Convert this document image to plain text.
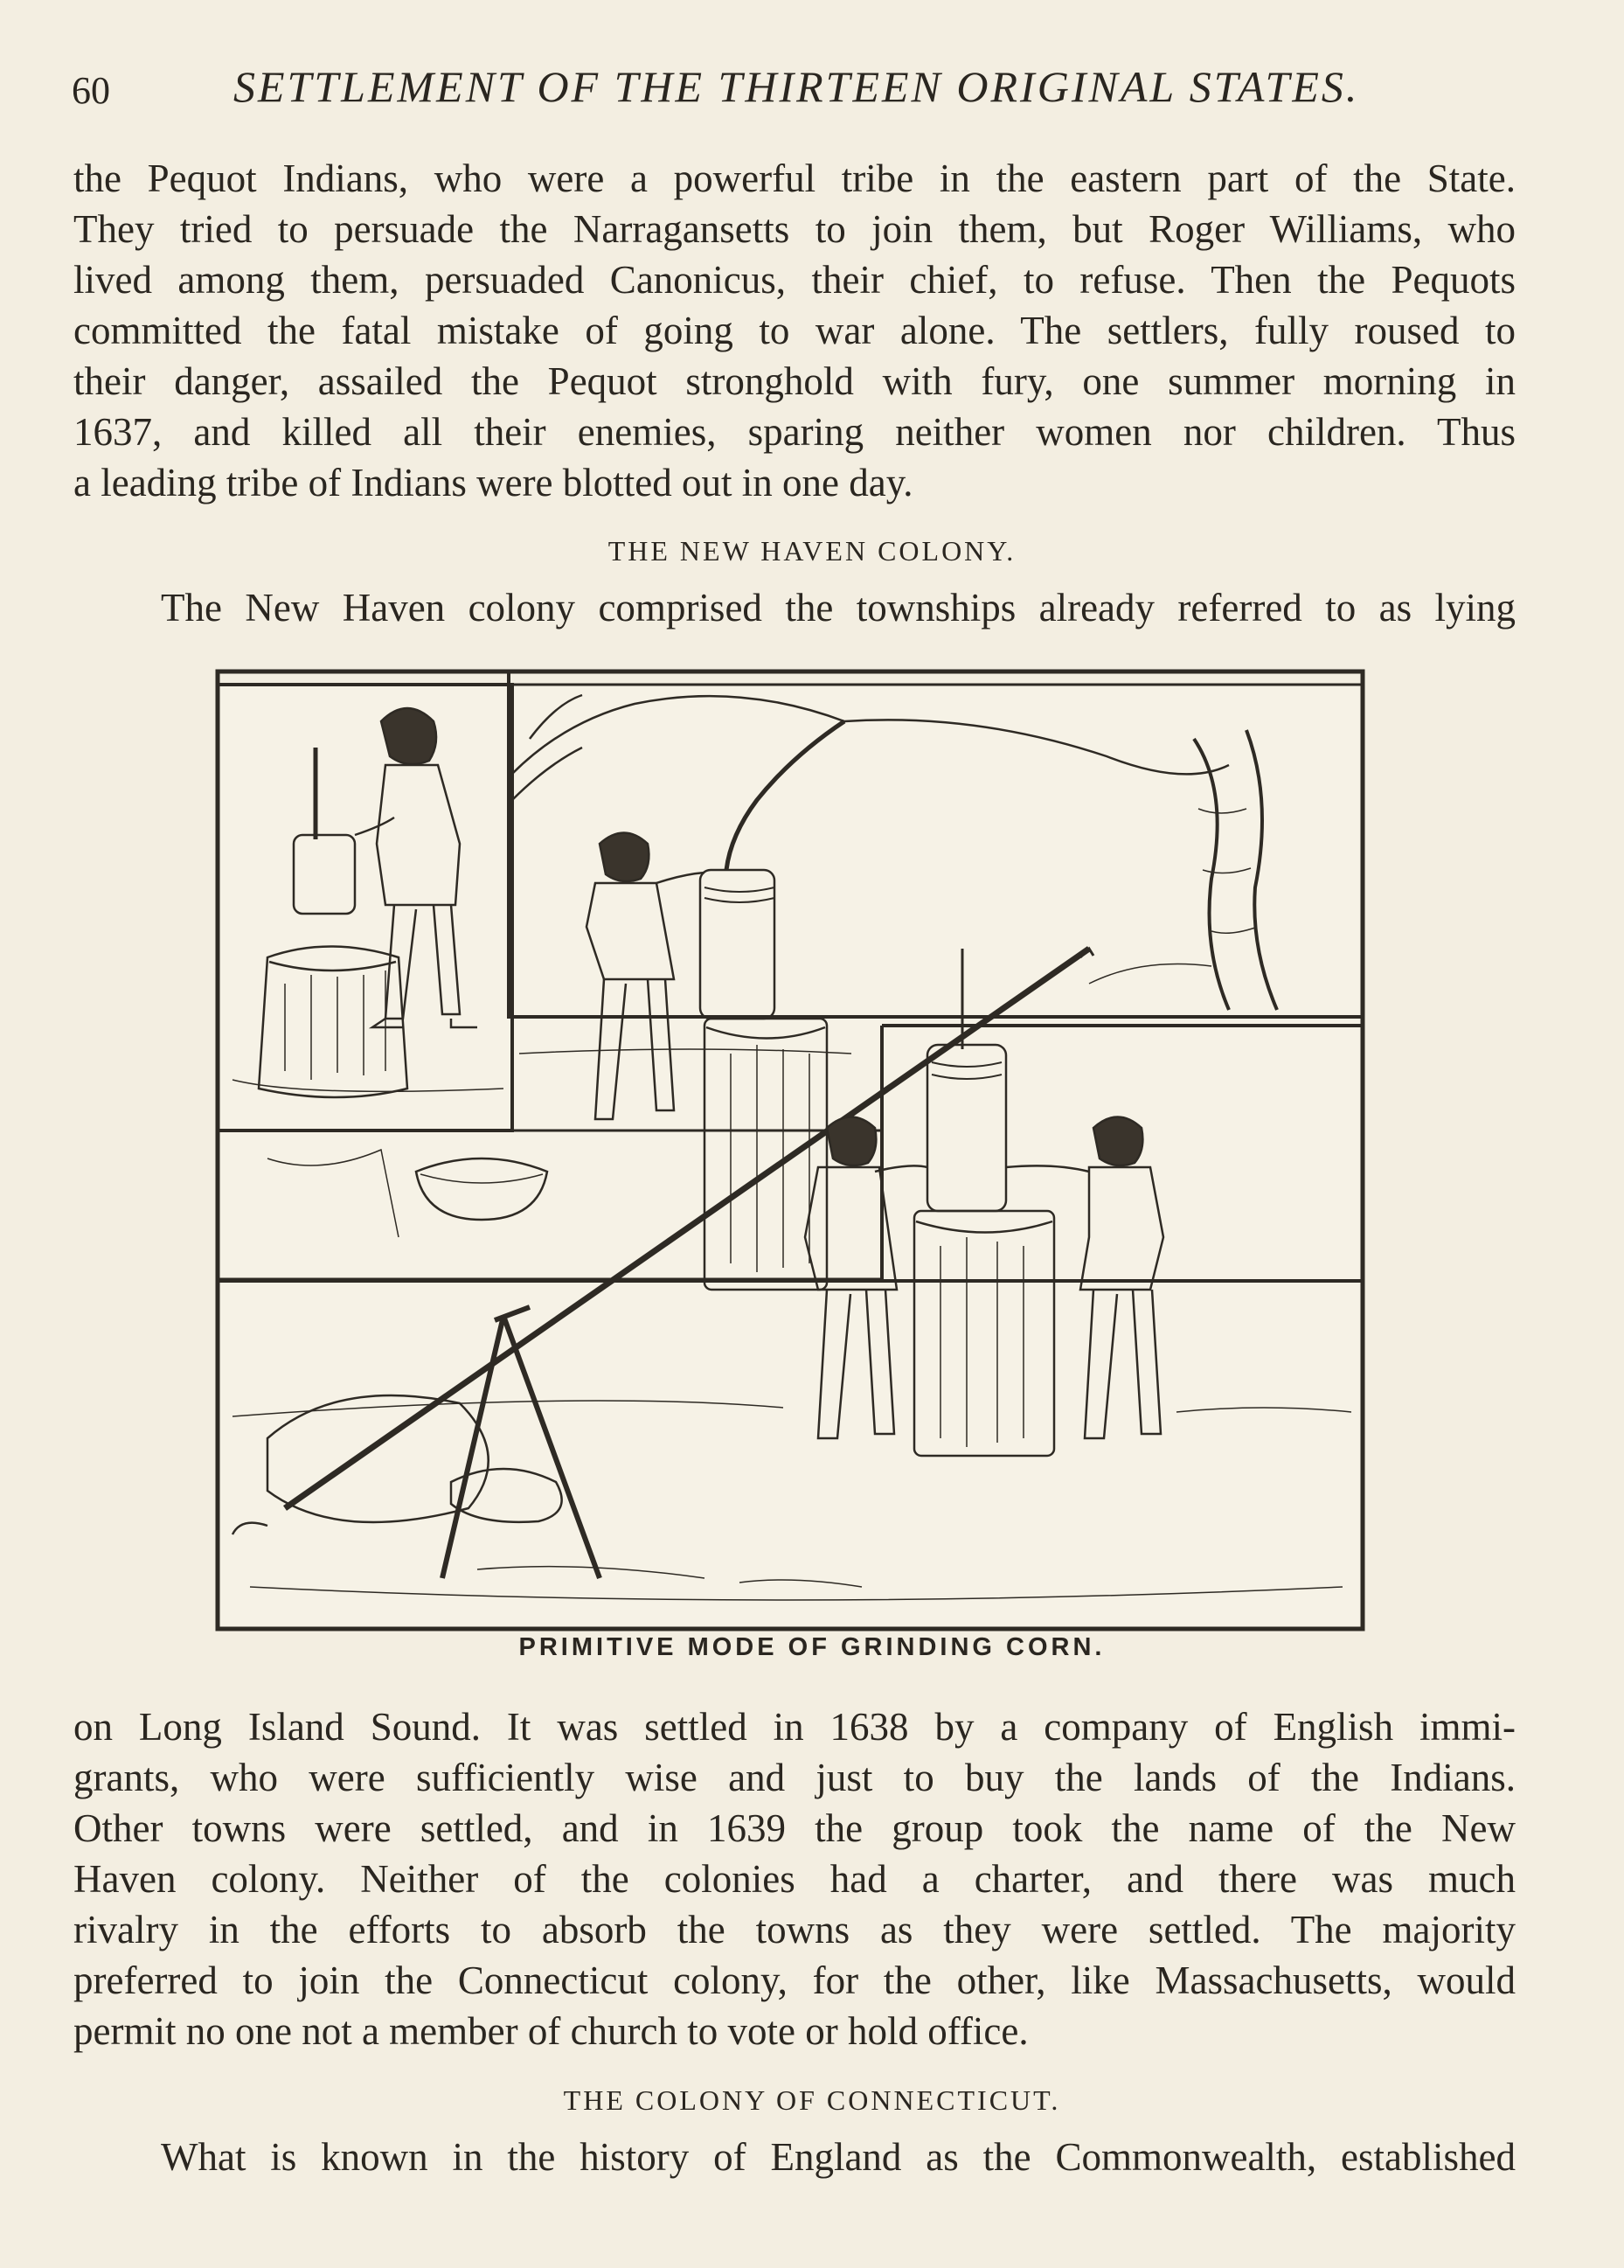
60	SETTLEMENT OF THE THIRTEEN ORIGINAL STATES.
the Pequot Indians, who were a powerful tribe in the eastern part of the State.
They tried to persuade the Narragansetts to join them, but Roger Williams, who
lived among them, persuaded Canonicus, their chief, to refuse. Then the Pequots
committed the fatal mistake of going to war alone. The settlers, fully roused to
their danger, assailed the Pequot stronghold with fury, one summer morning in
1637, and killed all their enemies, sparing neither women nor children. Thus
a leading tribe of Indians were blotted out in one day.
THE NEW HAVEN COLONY.
The New Haven colony comprised the townships already referred to as lying
PRIMITIVE MODE OF GRINDING CORN.
on Long Island Sound. It was settled in 1638 by a company of English immi-
grants, who were sufficiently wise and just to buy the lands of the Indians.
Other towns were settled, and in 1639 the group took the name of the New
Haven colony. Neither of the colonies had a charter, and there was much
rivalry in the efforts to absorb the towns as they were settled. The majority
preferred to join the Connecticut colony, for the other, like Massachusetts, would
permit no one not a member of church to vote or hold office.
THE COLONY OF CONNECTICUT.
What is known in the history of England as the Commonwealth, established
